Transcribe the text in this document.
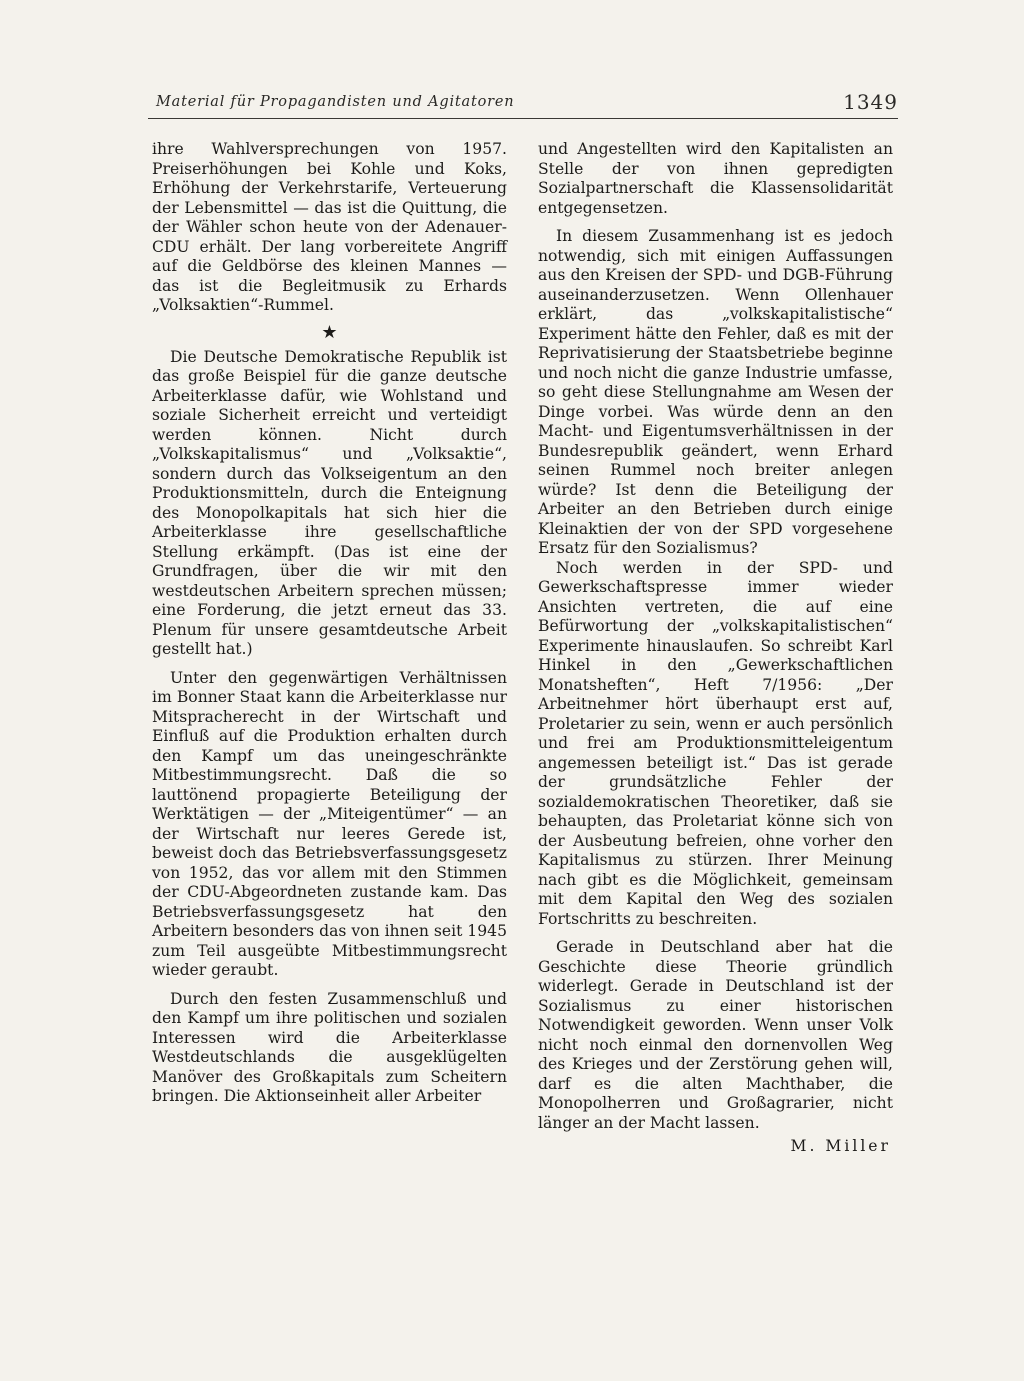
Material für Propagandisten und Agitatoren	1349

ihre Wahlversprechungen von 1957. Preiserhöhungen bei Kohle und Koks, Erhöhung der Verkehrstarife, Verteuerung der Lebensmittel — das ist die Quittung, die der Wähler schon heute von der Adenauer-CDU erhält. Der lang vorbereitete Angriff auf die Geldbörse des kleinen Mannes — das ist die Begleitmusik zu Erhards „Volksaktien“-Rummel.

★

Die Deutsche Demokratische Republik ist das große Beispiel für die ganze deutsche Arbeiterklasse dafür, wie Wohlstand und soziale Sicherheit erreicht und verteidigt werden können. Nicht durch „Volkskapitalismus“ und „Volksaktie“, sondern durch das Volkseigentum an den Produktionsmitteln, durch die Enteignung des Monopolkapitals hat sich hier die Arbeiterklasse ihre gesellschaftliche Stellung erkämpft. (Das ist eine der Grundfragen, über die wir mit den westdeutschen Arbeitern sprechen müssen; eine Forderung, die jetzt erneut das 33. Plenum für unsere gesamtdeutsche Arbeit gestellt hat.)

Unter den gegenwärtigen Verhältnissen im Bonner Staat kann die Arbeiterklasse nur Mitspracherecht in der Wirtschaft und Einfluß auf die Produktion erhalten durch den Kampf um das uneingeschränkte Mitbestimmungsrecht. Daß die so lauttönend propagierte Beteiligung der Werktätigen — der „Miteigentümer“ — an der Wirtschaft nur leeres Gerede ist, beweist doch das Betriebsverfassungsgesetz von 1952, das vor allem mit den Stimmen der CDU-Abgeordneten zustande kam. Das Betriebsverfassungsgesetz hat den Arbeitern besonders das von ihnen seit 1945 zum Teil ausgeübte Mitbestimmungsrecht wieder geraubt.

Durch den festen Zusammenschluß und den Kampf um ihre politischen und sozialen Interessen wird die Arbeiterklasse Westdeutschlands die ausgeklügelten Manöver des Großkapitals zum Scheitern bringen. Die Aktionseinheit aller Arbeiter

und Angestellten wird den Kapitalisten an Stelle der von ihnen gepredigten Sozialpartnerschaft die Klassensolidarität entgegensetzen.

In diesem Zusammenhang ist es jedoch notwendig, sich mit einigen Auffassungen aus den Kreisen der SPD- und DGB-Führung auseinanderzusetzen. Wenn Ollenhauer erklärt, das „volkskapitalistische“ Experiment hätte den Fehler, daß es mit der Reprivatisierung der Staatsbetriebe beginne und noch nicht die ganze Industrie umfasse, so geht diese Stellungnahme am Wesen der Dinge vorbei. Was würde denn an den Macht- und Eigentumsverhältnissen in der Bundesrepublik geändert, wenn Erhard seinen Rummel noch breiter anlegen würde? Ist denn die Beteiligung der Arbeiter an den Betrieben durch einige Kleinaktien der von der SPD vorgesehene Ersatz für den Sozialismus?

Noch werden in der SPD- und Gewerkschaftspresse immer wieder Ansichten vertreten, die auf eine Befürwortung der „volkskapitalistischen“ Experimente hinauslaufen. So schreibt Karl Hinkel in den „Gewerkschaftlichen Monatsheften“, Heft 7/1956: „Der Arbeitnehmer hört überhaupt erst auf, Proletarier zu sein, wenn er auch persönlich und frei am Produktionsmitteleigentum angemessen beteiligt ist.“ Das ist gerade der grundsätzliche Fehler der sozialdemokratischen Theoretiker, daß sie behaupten, das Proletariat könne sich von der Ausbeutung befreien, ohne vorher den Kapitalismus zu stürzen. Ihrer Meinung nach gibt es die Möglichkeit, gemeinsam mit dem Kapital den Weg des sozialen Fortschritts zu beschreiten.

Gerade in Deutschland aber hat die Geschichte diese Theorie gründlich widerlegt. Gerade in Deutschland ist der Sozialismus zu einer historischen Notwendigkeit geworden. Wenn unser Volk nicht noch einmal den dornenvollen Weg des Krieges und der Zerstörung gehen will, darf es die alten Machthaber, die Monopolherren und Großagrarier, nicht länger an der Macht lassen.

M. Miller
